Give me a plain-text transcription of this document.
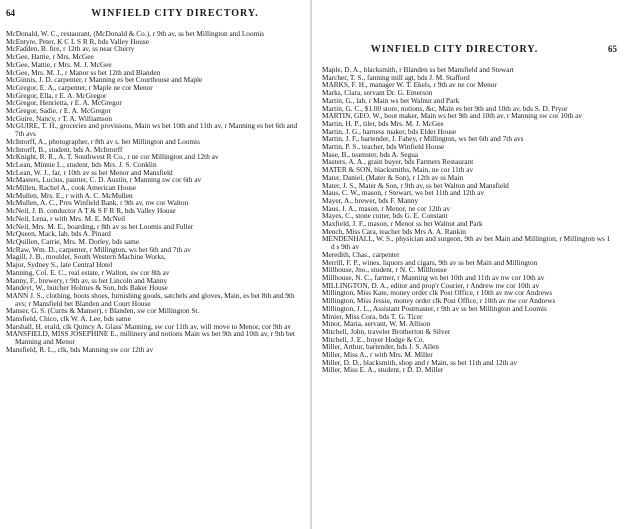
64	WINFIELD CITY DIRECTORY.

McDonald, W. C., restaurant, (McDonald & Co.), r 9th av, ss bet Millington and Loomis

McEntyre, Peter, K C L S R R, bds Valley House

McFadden, B. fire, r 12th av, ss near Cherry

McGee, Hattie, r Mrs. McGee

McGee, Mattie, r Mrs. M. J. McGee

McGee, Mrs. M. J., r Manor ss bet 12th and Blanden

McGinnis, J. D. carpenter, r Manning es bet Courthouse and Maple

McGregor, E. A., carpenter, r Maple ne cor Menor

McGregor, Ella, r E. A. McGregor

McGregor, Henrietta, r E. A. McGregor

McGregor, Sadie, r E. A. McGregor

McGuire, Nancy, r T. A. Williamson

McGUIRE, T. H., groceries and provisions, Main ws bet 10th and 11th av, r Manning es bet 6th and 7th avs

McIntorff, A., photographer, r 8th av s. bet Millington and Loomis

McIntorff, B., student, bds A. McIntorff

McKnight, R. R., A. T. Southwest R Co., r ne cor Millington and 12th av

McLean, Minnie L., student, bds Mrs. J. S. Conklin

McLean, W. J., far, r 10th av ss bet Menor and Mansfield

McMasters, Lucius, painter, C. D. Austin, r Manning sw cor 6th av

McMillen, Rachel A., cook American House

McMullen, Mrs. E., r with A. C. McMullen

McMullen, A. C., Pres Winfield Bank, r 9th av, nw cor Walton

McNeil, J. B. conductor A T & S F R R, bds Valley House

McNeil, Lena, r with Mrs. M. E. McNeil

McNeil, Mrs. M. E., boarding, r 8th av ss bet Loomis and Fuller

McQueen, Mack, lab, bds A. Pinard

McQuillen, Carrie, Mrs. M. Dorley, bds same

McRaw, Wm. D., carpenter, r Millington, ws bet 6th and 7th av

Magill, J. B., moulder, South Western Machine Works,

Major, Sydney S., late Central Hotel

Manning, Col. E. C., real estate, r Walton, sw cor 8th av

Manny, F., brewery, r 9th av, ss bet Lincoln and Manny

Mandeyt, W., butcher Holmes & Son, bds Baker House

MANN J. S., clothing, boots shoes, furnishing goods, satchels and gloves, Main, es bet 8th and 9th avs; r Mansfield bet Blanden and Court House

Manser, G. S. (Curns & Manser), r Blanden, sw cor Millington St.

Mansfield, Chico, clk W. A. Lee, bds same

Marshall, H. erald, clk Quincy A. Glass' Manning, sw cor 11th av, will move to Menor, cor 9th av

MANSFIELD, MISS JOSEPHINE E., millinery and notions Main ws bet 9th and 10th av, r 9th bet Manning and Menor

Mansfield, R. L., clk, bds Manning sw cor 12th av

WINFIELD CITY DIRECTORY.	65

Maple, D. A., blacksmith, r Blanden ss bet Mansfield and Stewart

Marcher, T. S., fanning mill agt, bds J. M. Stafford

MARKS, F. H., manager W. T. Ekels, r 9th av ne cor Menor

Marks, Clara, servant Dr. G. Emerson

Martin, G., lab, r Main ws bet Walnut and Park

Martin, G. C., $1.00 store, notions, &c, Main es bet 9th and 10th av, bds S. D. Pryor

MARTIN, GEO. W., boot maker, Main ws bet 9th and 10th av, r Manning sw cor 10th av

Martin, H. P., tiler, bds Mrs. M. J. McGee

Martin, J. G., harness maker, bds Elder House

Martin, J. F., bartender, J. Fahey, r Millington, ws bet 6th and 7th avs

Martin, P. S., teacher, bds Winfield House

Mase, B., teamster, bds A. Segua

Masters, A. A., grain buyer, bds Farmers Restaurant

MATER & SON, blacksmiths, Main, ne cor 11th av

Mater, Daniel, (Mater & Son), r 12th av ss Main

Mater, J. S., Mater & Son, r 9th av, ss bet Walton and Mansfield

Maus, C. W., mason, r Stewart, ws bet 11th and 12th av

Mayer, A., brewer, bds F. Manny

Maus, J. A., mason, r Menor, ne cor 12th av

Mayes, C., stone cutter, bds G. E. Constant

Maxfield, J. F., mason, r Menor ss bet Walnut and Park

Mench, Miss Cara, teacher bds Mrs A. A. Rankin

MENDENHALL, W. S., physician and surgeon, 9th av bet Main and Millington, r Millington ws 1 d s 9th av

Meredith, Chas., carpenter

Merrill, F. P., wines, liquors and cigars, 9th av ss bet Main and Millington

Millhouse, Jno., student, r N. C. Millhouse

Millhouse, N. C., farmer, r Manning ws bet 10th and 11th av nw cor 10th av

MILLINGTON, D. A., editor and prop'r Courier, r Andrew nw cor 10th av

Millington, Miss Kate, money order clk Post Office, r 10th av nw cor Andrews

Millington, Miss Jessie, money order clk Post Office, r 10th av nw cor Andrews

Millington, J. L., Assistant Postmaster, r 9th av ss bet Millington and Loomis

Minier, Miss Cora, bds T. G. Ticer

Minor, Maria, servant, W. M. Allison

Mitchell, John, traveler Brotherton & Silver

Mitchell, J. E., buyer Hodge & Co.

Miller, Arthur, bartender, bds J. S. Allen

Miller, Miss A., r with Mrs. M. Miller

Miller, D. D., blacksmith, shop and r Main, ss bet 11th and 12th av

Miller, Miss E. A., student, r D. D. Miller
